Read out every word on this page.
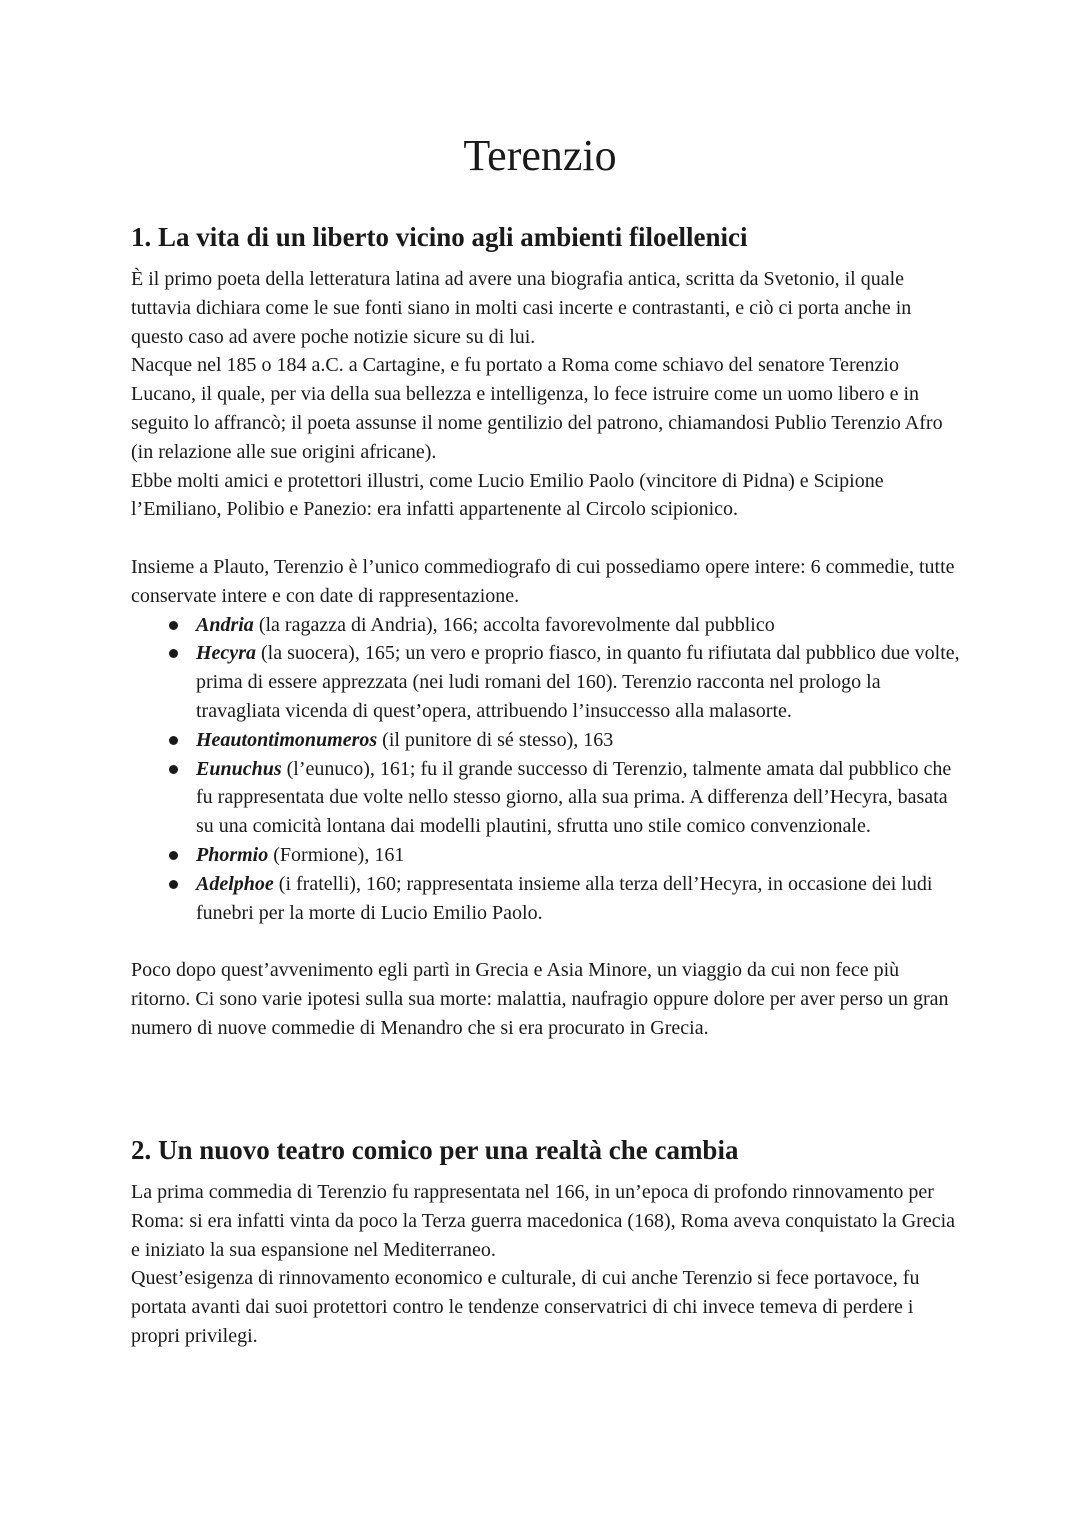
Terenzio
1. La vita di un liberto vicino agli ambienti filoellenici

È il primo poeta della letteratura latina ad avere una biografia antica, scritta da Svetonio, il quale tuttavia dichiara come le sue fonti siano in molti casi incerte e contrastanti, e ciò ci porta anche in questo caso ad avere poche notizie sicure su di lui.

Nacque nel 185 o 184 a.C. a Cartagine, e fu portato a Roma come schiavo del senatore Terenzio Lucano, il quale, per via della sua bellezza e intelligenza, lo fece istruire come un uomo libero e in seguito lo affrancò; il poeta assunse il nome gentilizio del patrono, chiamandosi Publio Terenzio Afro (in relazione alle sue origini africane).

Ebbe molti amici e protettori illustri, come Lucio Emilio Paolo (vincitore di Pidna) e Scipione l’Emiliano, Polibio e Panezio: era infatti appartenente al Circolo scipionico.

Insieme a Plauto, Terenzio è l’unico commediografo di cui possediamo opere intere: 6 commedie, tutte conservate intere e con date di rappresentazione.

Andria (la ragazza di Andria), 166; accolta favorevolmente dal pubblico
Hecyra (la suocera), 165; un vero e proprio fiasco, in quanto fu rifiutata dal pubblico due volte, prima di essere apprezzata (nei ludi romani del 160). Terenzio racconta nel prologo la travagliata vicenda di quest’opera, attribuendo l’insuccesso alla malasorte.
Heautontimonumeros (il punitore di sé stesso), 163
Eunuchus (l’eunuco), 161; fu il grande successo di Terenzio, talmente amata dal pubblico che fu rappresentata due volte nello stesso giorno, alla sua prima. A differenza dell’Hecyra, basata su una comicità lontana dai modelli plautini, sfrutta uno stile comico convenzionale.
Phormio (Formione), 161
Adelphoe (i fratelli), 160; rappresentata insieme alla terza dell’Hecyra, in occasione dei ludi funebri per la morte di Lucio Emilio Paolo.

Poco dopo quest’avvenimento egli partì in Grecia e Asia Minore, un viaggio da cui non fece più ritorno. Ci sono varie ipotesi sulla sua morte: malattia, naufragio oppure dolore per aver perso un gran numero di nuove commedie di Menandro che si era procurato in Grecia.

2. Un nuovo teatro comico per una realtà che cambia

La prima commedia di Terenzio fu rappresentata nel 166, in un’epoca di profondo rinnovamento per Roma: si era infatti vinta da poco la Terza guerra macedonica (168), Roma aveva conquistato la Grecia e iniziato la sua espansione nel Mediterraneo.

Quest’esigenza di rinnovamento economico e culturale, di cui anche Terenzio si fece portavoce, fu portata avanti dai suoi protettori contro le tendenze conservatrici di chi invece temeva di perdere i propri privilegi.
